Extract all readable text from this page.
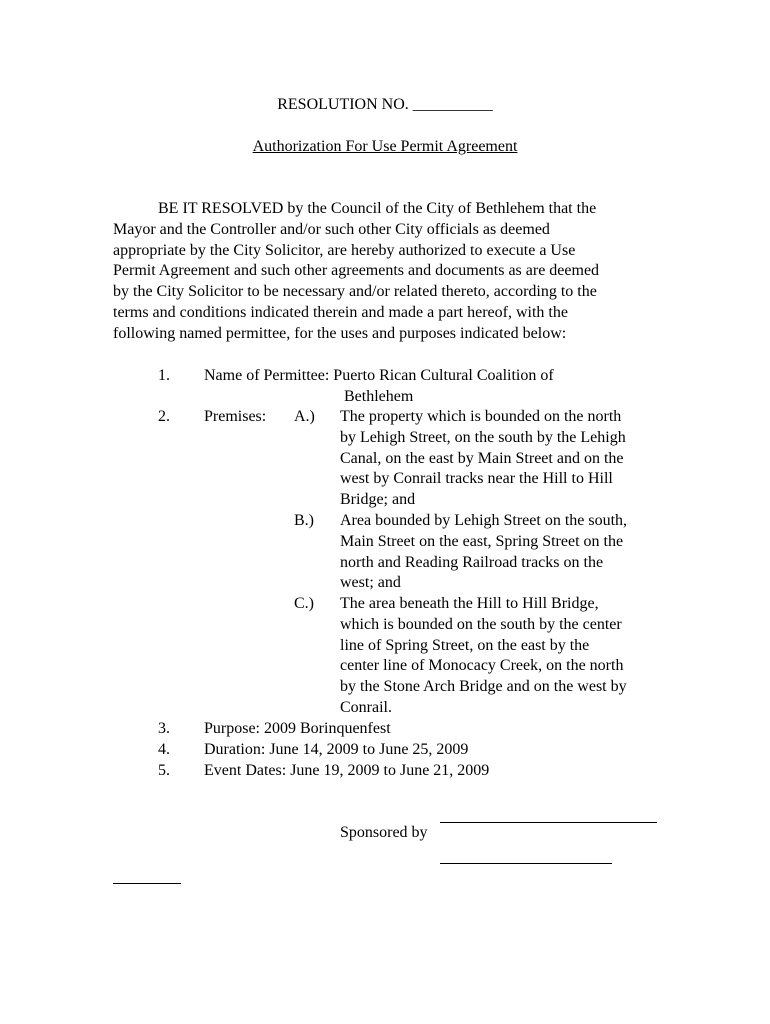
RESOLUTION NO. __________
Authorization For Use Permit Agreement
BE IT RESOLVED by the Council of the City of Bethlehem that the
Mayor and the Controller and/or such other City officials as deemed
appropriate by the City Solicitor, are hereby authorized to execute a Use
Permit Agreement and such other agreements and documents as are deemed
by the City Solicitor to be necessary and/or related thereto, according to the
terms and conditions indicated therein and made a part hereof, with the
following named permittee, for the uses and purposes indicated below:
1. Name of Permittee: Puerto Rican Cultural Coalition of
Bethlehem
2. Premises: A.) The property which is bounded on the north
by Lehigh Street, on the south by the Lehigh
Canal, on the east by Main Street and on the
west by Conrail tracks near the Hill to Hill
Bridge; and
B.) Area bounded by Lehigh Street on the south,
Main Street on the east, Spring Street on the
north and Reading Railroad tracks on the
west; and
C.) The area beneath the Hill to Hill Bridge,
which is bounded on the south by the center
line of Spring Street, on the east by the
center line of Monocacy Creek, on the north
by the Stone Arch Bridge and on the west by
Conrail.
3. Purpose: 2009 Borinquenfest
4. Duration: June 14, 2009 to June 25, 2009
5. Event Dates: June 19, 2009 to June 21, 2009
Sponsored by
